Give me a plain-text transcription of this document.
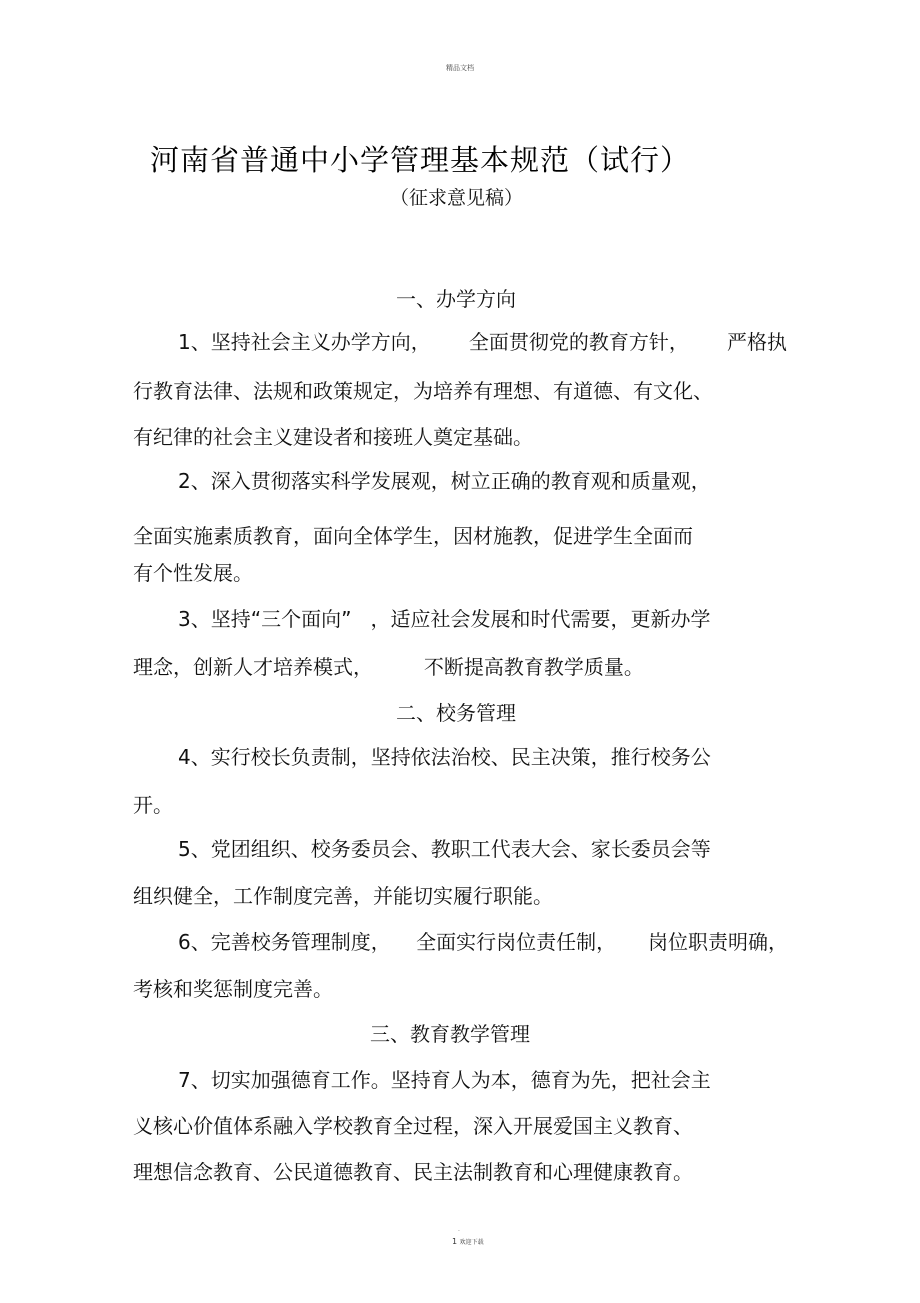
精品文档
河南省普通中小学管理基本规范（试行）
（征求意见稿）
一、办学方向
1、坚持社会主义办学方向，      全面贯彻党的教育方针，      严格执
行教育法律、法规和政策规定，为培养有理想、有道德、有文化、
有纪律的社会主义建设者和接班人奠定基础。
2、深入贯彻落实科学发展观，树立正确的教育观和质量观，
全面实施素质教育，面向全体学生，因材施教，促进学生全面而
有个性发展。
3、坚持“三个面向”   ，适应社会发展和时代需要，更新办学
理念，创新人才培养模式，        不断提高教育教学质量。
二、校务管理
4、实行校长负责制，坚持依法治校、民主决策，推行校务公
开。
5、党团组织、校务委员会、教职工代表大会、家长委员会等
组织健全，工作制度完善，并能切实履行职能。
6、完善校务管理制度，    全面实行岗位责任制，     岗位职责明确，
考核和奖惩制度完善。
三、教育教学管理
7、切实加强德育工作。坚持育人为本，德育为先，把社会主
义核心价值体系融入学校教育全过程，深入开展爱国主义教育、
理想信念教育、公民道德教育、民主法制教育和心理健康教育。
.
1 欢迎下载
